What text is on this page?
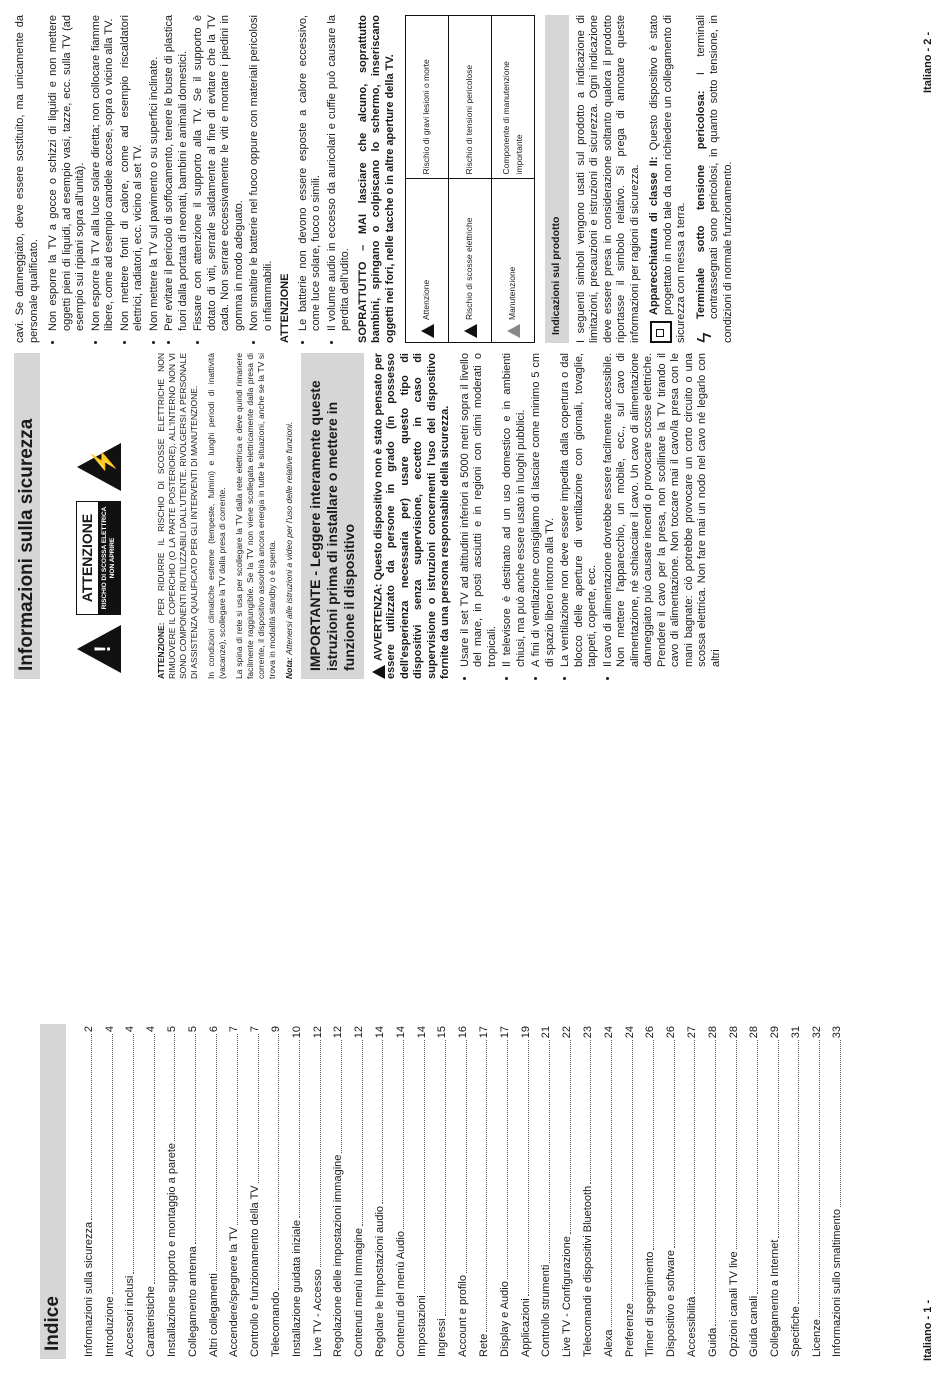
Indice Informazioni sulla sicurezza
2
Introduzione
4
Accessori inclusi
4
Caratteristiche
4
Installazione supporto e montaggio a parete
5
Collegamento antenna
5
Altri collegamenti
6
Accendere/spegnere la TV
7
Controllo e funzionamento della TV
7
Telecomando
9
Installazione guidata iniziale
10
Live TV - Accesso
12
Regolazione delle impostazioni immagine
12
Contenuti menù Immagine
12
Regolare le Impostazioni audio
14
Contenuti del menù Audio
14
Impostazioni
14
Ingressi
15
Account e profilo
16
Rete
17
Display e Audio
17
Applicazioni
19
Controllo strumenti
21
Live TV - Configurazione
22
Telecomandi e dispositivi Bluetooth
23
Alexa
24
Preferenze
24
Timer di spegnimento
26
Dispositivo e software
26
Accessibilità
27
Guida
28
Opzioni canali TV live
28
Guida canali
28
Collegamento a Internet
29
Specifiche
31
Licenze
32
Informazioni sullo smaltimento
33
Italiano - 1 -
Informazioni sulla sicurezza !
ATTENZIONE	RISCHIO DI SCOSSA ELETTRICA NON APRIRE
⚡

ATTENZIONE: PER RIDURRE IL RISCHIO DI SCOSSE ELETTRICHE NON RIMUOVERE IL COPERCHIO (O LA PARTE POSTERIORE). ALL'INTERNO NON VI SONO COMPONENTI RIUTILIZZABILI DALL'UTENTE. RIVOLGERSI A PERSONALE DI ASSISTENZA QUALIFICATO PER GLI INTERVENTI DI MANUTENZIONE. In condizioni climatiche estreme (tempeste, fulmini) e lunghi periodi di inattività (vacanze), scollegare la TV dalla presa di corrente. La spina di rete si usa per scollegare la TV dalla rete elettrica e deve quindi rimanere facilmente raggiungibile. Se la TV non viene scollegata elettricamente dalla presa di corrente, il dispositivo assorbirà ancora energia in tutte le situazioni, anche se la TV si trova in modalità standby o è spenta. Nota: Attenersi alle istruzioni a video per l'uso delle relative funzioni. IMPORTANTE - Leggere interamente queste istruzioni prima di installare o mettere in funzione il dispositivo	AVVERTENZA: Questo dispositivo non è stato pensato per essere utilizzato da persone in grado (in possesso dell'esperienza necessaria per) usare questo tipo di dispositivi senza supervisione, eccetto in caso di supervisione o istruzioni concernenti l'uso del dispositivo fornite da una persona responsabile della sicurezza. • Usare il set TV ad altitudini inferiori a 5000 metri sopra il livello del mare, in posti asciutti e in regioni con climi moderati o tropicali. • Il televisore è destinato ad un uso domestico e in ambienti chiusi, ma può anche essere usato in luoghi pubblici. • A fini di ventilazione consigliamo di lasciare come minimo 5 cm di spazio libero intorno alla TV. • La ventilazione non deve essere impedita dalla copertura o dal blocco delle aperture di ventilazione con giornali, tovaglie, tappeti, coperte, ecc. • Il cavo di alimentazione dovrebbe essere facilmente accessibile. Non mettere l'apparecchio, un mobile, ecc., sul cavo di alimentazione, né schiacciare il cavo. Un cavo di alimentazione danneggiato può causare incendi o provocare scosse elettriche. Prendere il cavo per la presa, non scollinare la TV tirando il cavo di alimentazione. Non toccare mai il cavo/la presa con le mani bagnate: ciò potrebbe provocare un corto circuito o una scossa elettrica. Non fare mai un nodo nel cavo né legarlo con altri

cavi. Se danneggiato, deve essere sostituito, ma unicamente da personale qualificato. • Non esporre la TV a gocce o schizzi di liquidi e non mettere oggetti pieni di liquidi, ad esempio vasi, tazze, ecc. sulla TV (ad esempio sui ripiani sopra all'unità). • Non esporre la TV alla luce solare diretta; non collocare fiamme libere, come ad esempio candele accese, sopra o vicino alla TV. • Non mettere fonti di calore, come ad esempio riscaldatori elettrici, radiatori, ecc. vicino al set TV. • Non mettere la TV sul pavimento o su superfici inclinate. • Per evitare il pericolo di soffocamento, tenere le buste di plastica fuori dalla portata di neonati, bambini e animali domestici. • Fissare con attenzione il supporto alla TV. Se il supporto è dotato di viti, serrarle saldamente al fine di evitare che la TV cada. Non serrare eccessivamente le viti e montare i piedini in gomma in modo adeguato. • Non smaltire le batterie nel fuoco oppure con materiali pericolosi o infiammabili. ATTENZIONE • Le batterie non devono essere esposte a calore eccessivo, come luce solare, fuoco o simili. • Il volume audio in eccesso da auricolari e cuffie può causare la perdita dell'udito. SOPRATTUTTO – MAI lasciare che alcuno, soprattutto bambini, spingano o colpiscano lo schermo, inseriscano oggetti nei fori, nelle tacche o in altre aperture della TV.	Attenzione	Rischio di gravi lesioni o morte
Rischio di scosse elettriche	Rischio di tensioni pericolose
Manutenzione	Componente di manutenzione importante
Indicazioni sul prodotto	I seguenti simboli vengono usati sul prodotto a indicazione di limitazioni, precauzioni e istruzioni di sicurezza. Ogni indicazione deve essere presa in considerazione soltanto qualora il prodotto riportasse il simbolo relativo. Si prega di annotare queste informazioni per ragioni di sicurezza. Apparecchiatura di classe II: Questo dispositivo è stato progettato in modo tale da non richiedere un collegamento di sicurezza con messa a terra. ϟ
Terminale sotto tensione pericolosa: I terminali contrassegnati sono pericolosi, in quanto sotto tensione, in condizioni di normale funzionamento.

Italiano - 2 -
